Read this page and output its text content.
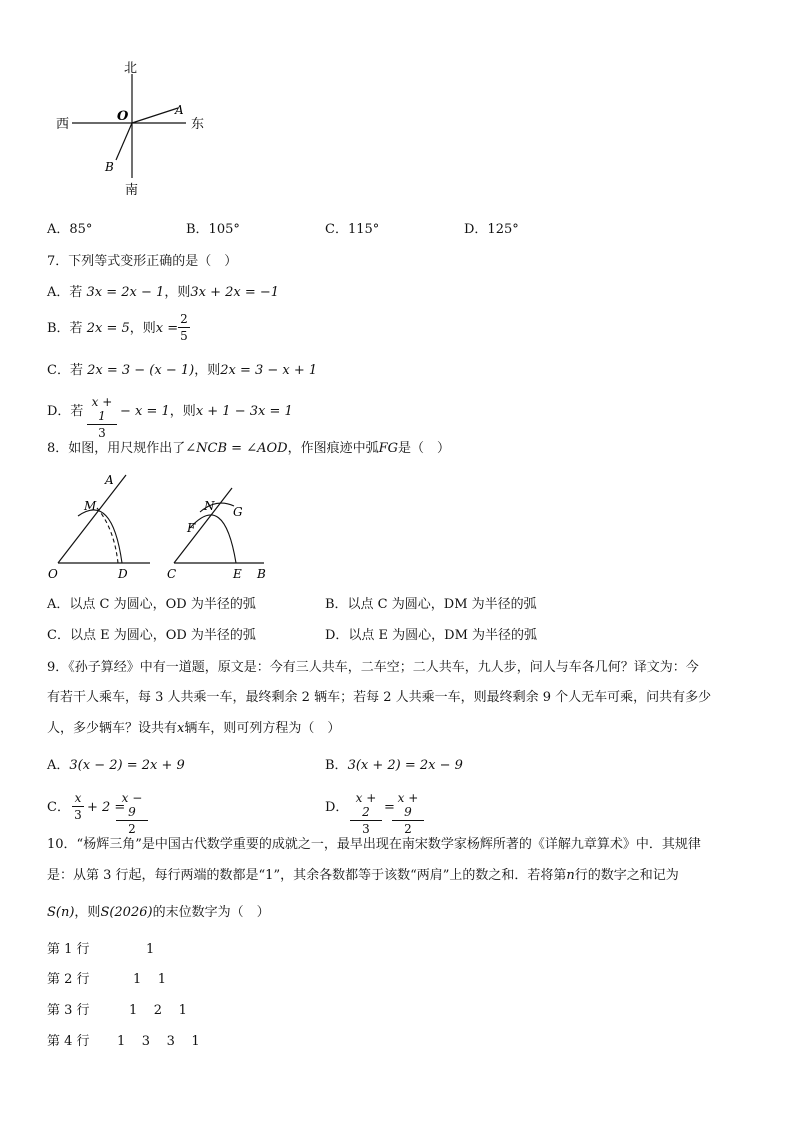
北
南
西	东
O	A
B
A．85°	B．105°	C．115°	D．125°
7．下列等式变形正确的是（　）
A．若 3x = 2x − 1，则3x + 2x = −1
B．若 2x = 5，则x =
2
5
C．若 2x = 3 − (x − 1)，则2x = 3 − x + 1
D．若
x + 1
3
− x = 1，则x + 1 − 3x = 1
8．如图，用尺规作出了∠NCB = ∠AOD，作图痕迹中弧FG是（　）
A
M
O	D
N G
F
C	E B
A．以点 C 为圆心，OD 为半径的弧	B．以点 C 为圆心，DM 为半径的弧
C．以点 E 为圆心，OD 为半径的弧	D．以点 E 为圆心，DM 为半径的弧
9．《孙子算经》中有一道题，原文是：今有三人共车，二车空；二人共车，九人步，问人与车各几何？译文为：今
有若干人乘车，每 3 人共乘一车，最终剩余 2 辆车；若每 2 人共乘一车，则最终剩余 9 个人无车可乘，问共有多少
人，多少辆车？设共有x辆车，则可列方程为（　）
A．3(x − 2) = 2x + 9	B．3(x + 2) = 2x − 9
C．
x
3 + 2 =
x − 9
2
D．
x + 2
3
=
x + 9
2
10．“杨辉三角”是中国古代数学重要的成就之一，最早出现在南宋数学家杨辉所著的《详解九章算术》中．其规律
是：从第 3 行起，每行两端的数都是“1”，其余各数都等于该数“两肩”上的数之和．若将第n行的数字之和记为
S(n)，则S(2026)的末位数字为（　）
第 1 行	1
第 2 行	1    1
第 3 行	1    2    1
第 4 行 1    3    3    1
